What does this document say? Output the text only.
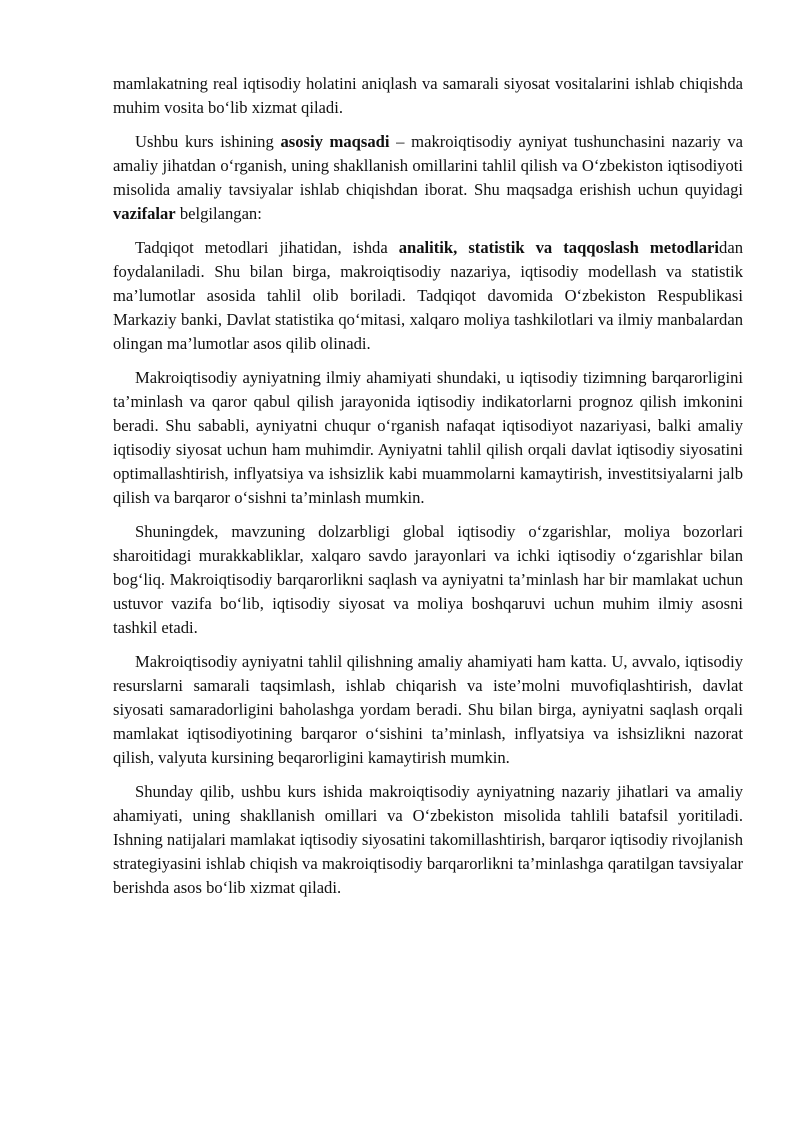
mamlakatning real iqtisodiy holatini aniqlash va samarali siyosat vositalarini ishlab chiqishda muhim vosita bo‘lib xizmat qiladi.

Ushbu kurs ishining asosiy maqsadi – makroiqtisodiy ayniyat tushunchasini nazariy va amaliy jihatdan o‘rganish, uning shakllanish omillarini tahlil qilish va O‘zbekiston iqtisodiyoti misolida amaliy tavsiyalar ishlab chiqishdan iborat. Shu maqsadga erishish uchun quyidagi vazifalar belgilangan:

Tadqiqot metodlari jihatidan, ishda analitik, statistik va taqqoslash metodlaridan foydalaniladi. Shu bilan birga, makroiqtisodiy nazariya, iqtisodiy modellash va statistik ma’lumotlar asosida tahlil olib boriladi. Tadqiqot davomida O‘zbekiston Respublikasi Markaziy banki, Davlat statistika qo‘mitasi, xalqaro moliya tashkilotlari va ilmiy manbalardan olingan ma’lumotlar asos qilib olinadi.

Makroiqtisodiy ayniyatning ilmiy ahamiyati shundaki, u iqtisodiy tizimning barqarorligini ta’minlash va qaror qabul qilish jarayonida iqtisodiy indikatorlarni prognoz qilish imkonini beradi. Shu sababli, ayniyatni chuqur o‘rganish nafaqat iqtisodiyot nazariyasi, balki amaliy iqtisodiy siyosat uchun ham muhimdir. Ayniyatni tahlil qilish orqali davlat iqtisodiy siyosatini optimallashtirish, inflyatsiya va ishsizlik kabi muammolarni kamaytirish, investitsiyalarni jalb qilish va barqaror o‘sishni ta’minlash mumkin.

Shuningdek, mavzuning dolzarbligi global iqtisodiy o‘zgarishlar, moliya bozorlari sharoitidagi murakkabliklar, xalqaro savdo jarayonlari va ichki iqtisodiy o‘zgarishlar bilan bog‘liq. Makroiqtisodiy barqarorlikni saqlash va ayniyatni ta’minlash har bir mamlakat uchun ustuvor vazifa bo‘lib, iqtisodiy siyosat va moliya boshqaruvi uchun muhim ilmiy asosni tashkil etadi.

Makroiqtisodiy ayniyatni tahlil qilishning amaliy ahamiyati ham katta. U, avvalo, iqtisodiy resurslarni samarali taqsimlash, ishlab chiqarish va iste’molni muvofiqlashtirish, davlat siyosati samaradorligini baholashga yordam beradi. Shu bilan birga, ayniyatni saqlash orqali mamlakat iqtisodiyotining barqaror o‘sishini ta’minlash, inflyatsiya va ishsizlikni nazorat qilish, valyuta kursining beqarorligini kamaytirish mumkin.

Shunday qilib, ushbu kurs ishida makroiqtisodiy ayniyatning nazariy jihatlari va amaliy ahamiyati, uning shakllanish omillari va O‘zbekiston misolida tahlili batafsil yoritiladi. Ishning natijalari mamlakat iqtisodiy siyosatini takomillashtirish, barqaror iqtisodiy rivojlanish strategiyasini ishlab chiqish va makroiqtisodiy barqarorlikni ta’minlashga qaratilgan tavsiyalar berishda asos bo‘lib xizmat qiladi.
